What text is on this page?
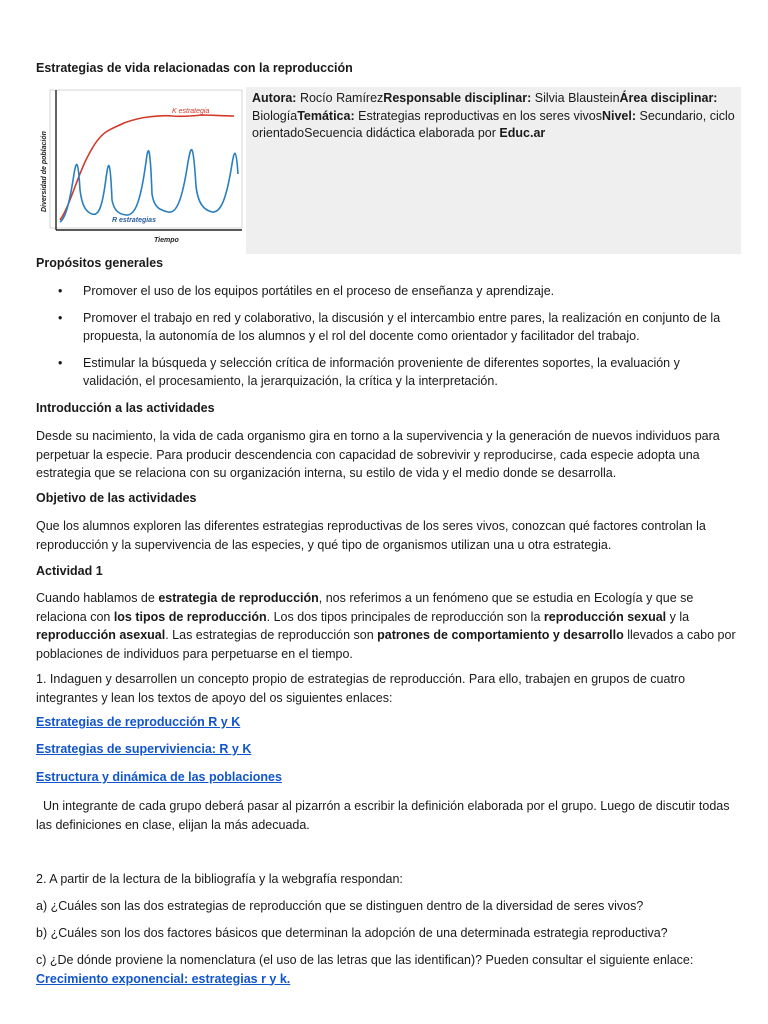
Estrategias de vida relacionadas con la reproducción
Diversidad de población
Tiempo
K estrategia
R estrategias
Autora: Rocío RamírezResponsable disciplinar: Silvia BlausteinÁrea disciplinar: BiologíaTemática: Estrategias reproductivas en los seres vivosNivel: Secundario, ciclo orientadoSecuencia didáctica elaborada por Educ.ar
Propósitos generales
• Promover el uso de los equipos portátiles en el proceso de enseñanza y aprendizaje.
• Promover el trabajo en red y colaborativo, la discusión y el intercambio entre pares, la realización en conjunto de la propuesta, la autonomía de los alumnos y el rol del docente como orientador y facilitador del trabajo.
• Estimular la búsqueda y selección crítica de información proveniente de diferentes soportes, la evaluación y validación, el procesamiento, la jerarquización, la crítica y la interpretación.
Introducción a las actividades
Desde su nacimiento, la vida de cada organismo gira en torno a la supervivencia y la generación de nuevos individuos para perpetuar la especie. Para producir descendencia con capacidad de sobrevivir y reproducirse, cada especie adopta una estrategia que se relaciona con su organización interna, su estilo de vida y el medio donde se desarrolla.
Objetivo de las actividades
Que los alumnos exploren las diferentes estrategias reproductivas de los seres vivos, conozcan qué factores controlan la reproducción y la supervivencia de las especies, y qué tipo de organismos utilizan una u otra estrategia.
Actividad 1
Cuando hablamos de estrategia de reproducción, nos referimos a un fenómeno que se estudia en Ecología y que se relaciona con los tipos de reproducción. Los dos tipos principales de reproducción son la reproducción sexual y la reproducción asexual. Las estrategias de reproducción son patrones de comportamiento y desarrollo llevados a cabo por poblaciones de individuos para perpetuarse en el tiempo.
1. Indaguen y desarrollen un concepto propio de estrategias de reproducción. Para ello, trabajen en grupos de cuatro integrantes y lean los textos de apoyo del os siguientes enlaces:
Estrategias de reproducción R y K
Estrategias de superviviencia: R y K
Estructura y dinámica de las poblaciones
Un integrante de cada grupo deberá pasar al pizarrón a escribir la definición elaborada por el grupo. Luego de discutir todas las definiciones en clase, elijan la más adecuada.
2. A partir de la lectura de la bibliografía y la webgrafía respondan:
a) ¿Cuáles son las dos estrategias de reproducción que se distinguen dentro de la diversidad de seres vivos?
b) ¿Cuáles son los dos factores básicos que determinan la adopción de una determinada estrategia reproductiva?
c) ¿De dónde proviene la nomenclatura (el uso de las letras que las identifican)? Pueden consultar el siguiente enlace: Crecimiento exponencial: estrategias r y k.
